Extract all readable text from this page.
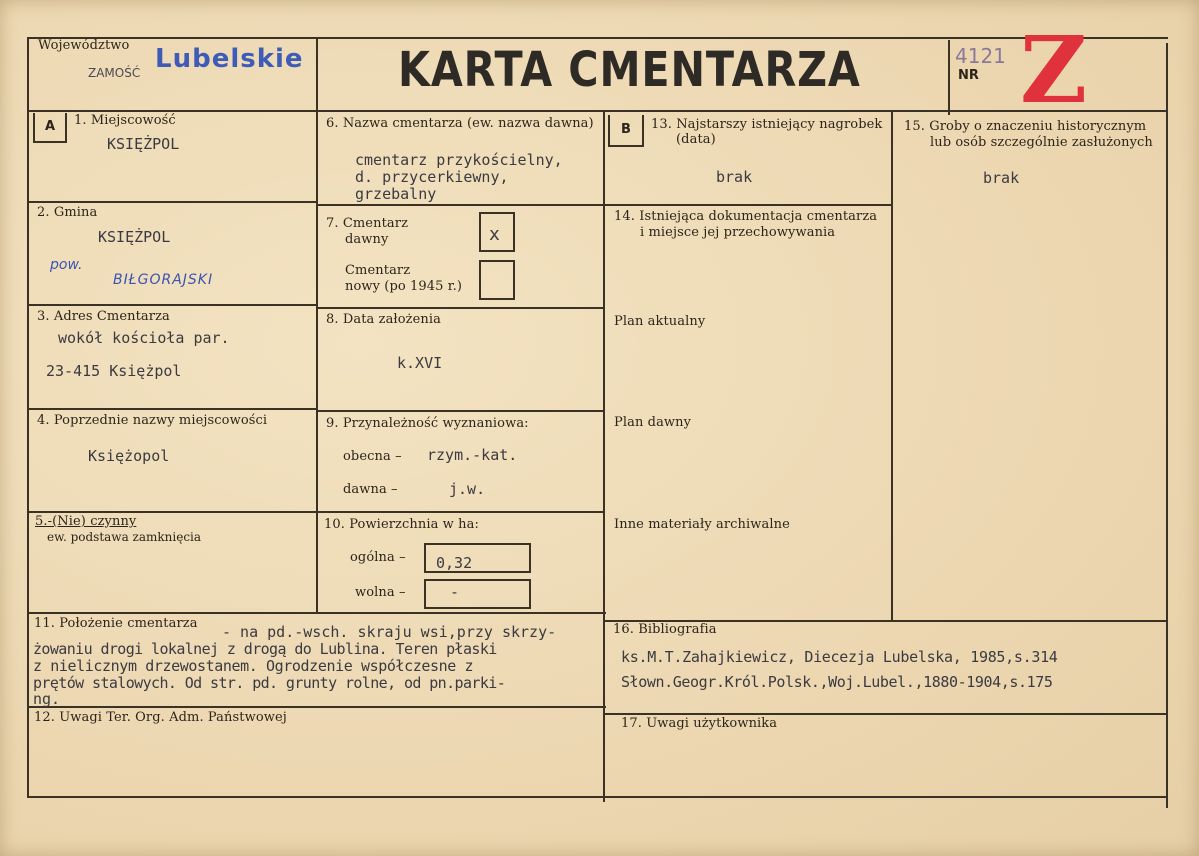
Województwo
ZAMOŚĆ Lubelskie KARTA CMENTARZA	4121
NR Z
A	B
1. Miejscowość
KSIĘŻPOL
2. Gmina
KSIĘŻPOL
pow.
BIŁGORAJSKI
3. Adres Cmentarza
wokół kościoła par.
23-415 Księżpol
4. Poprzednie nazwy miejscowości
Księżopol
5.-(Nie) czynny
ew. podstawa zamknięcia
6. Nazwa cmentarza (ew. nazwa dawna)
cmentarz przykościelny,
d. przycerkiewny,
grzebalny
7. Cmentarz
dawny	x
Cmentarz
nowy (po 1945 r.)
8. Data założenia
k.XVI
9. Przynależność wyznaniowa:
obecna – rzym.-kat.
dawna –	j.w.
10. Powierzchnia w ha:
ogólna – 0,32
wolna –	-
11. Położenie cmentarza - na pd.-wsch. skraju wsi,przy skrzy-
żowaniu drogi lokalnej z drogą do Lublina. Teren płaski
z nielicznym drzewostanem. Ogrodzenie współczesne z
prętów stalowych. Od str. pd. grunty rolne, od pn.parki-
ng.
12. Uwagi Ter. Org. Adm. Państwowej
13. Najstarszy istniejący nagrobek
(data)
brak
14. Istniejąca dokumentacja cmentarza
i miejsce jej przechowywania
Plan aktualny
Plan dawny
Inne materiały archiwalne
15. Groby o znaczeniu historycznym
lub osób szczególnie zasłużonych
brak
16. Bibliografia
ks.M.T.Zahajkiewicz, Diecezja Lubelska, 1985,s.314
Słown.Geogr.Król.Polsk.,Woj.Lubel.,1880-1904,s.175
17. Uwagi użytkownika
